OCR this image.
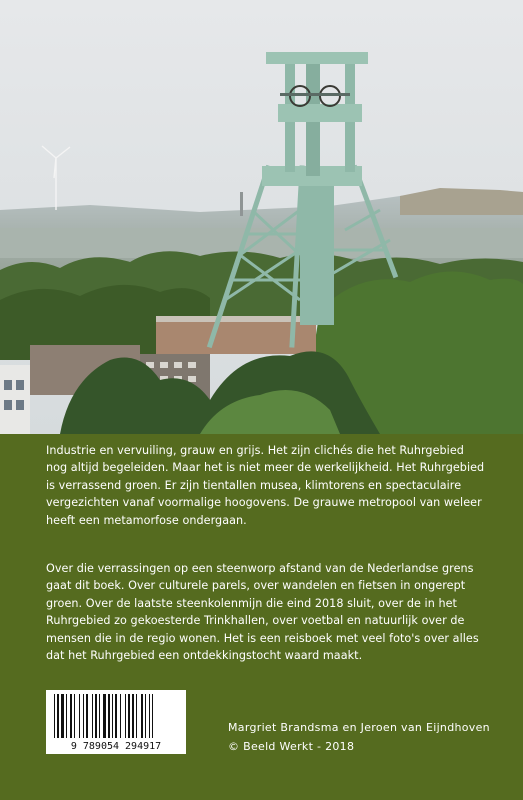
Industrie en vervuiling, grauw en grijs. Het zijn clichés die het Ruhrgebied nog altijd begeleiden. Maar het is niet meer de werkelijkheid. Het Ruhrgebied is verrassend groen. Er zijn tientallen musea, klimtorens en spectaculaire vergezichten vanaf voormalige hoogovens. De grauwe metropool van weleer heeft een metamorfose ondergaan.

Over die verrassingen op een steenworp afstand van de Nederlandse grens gaat dit boek. Over culturele parels, over wandelen en fietsen in ongerept groen. Over de laatste steenkolenmijn die eind 2018 sluit, over de in het Ruhrgebied zo gekoesterde Trinkhallen, over voetbal en natuurlijk over de mensen die in de regio wonen. Het is een reisboek met veel foto's over alles dat het Ruhrgebied een ontdekkingstocht waard maakt.

9 789054 294917
Margriet Brandsma en Jeroen van Eijndhoven
© Beeld Werkt - 2018
